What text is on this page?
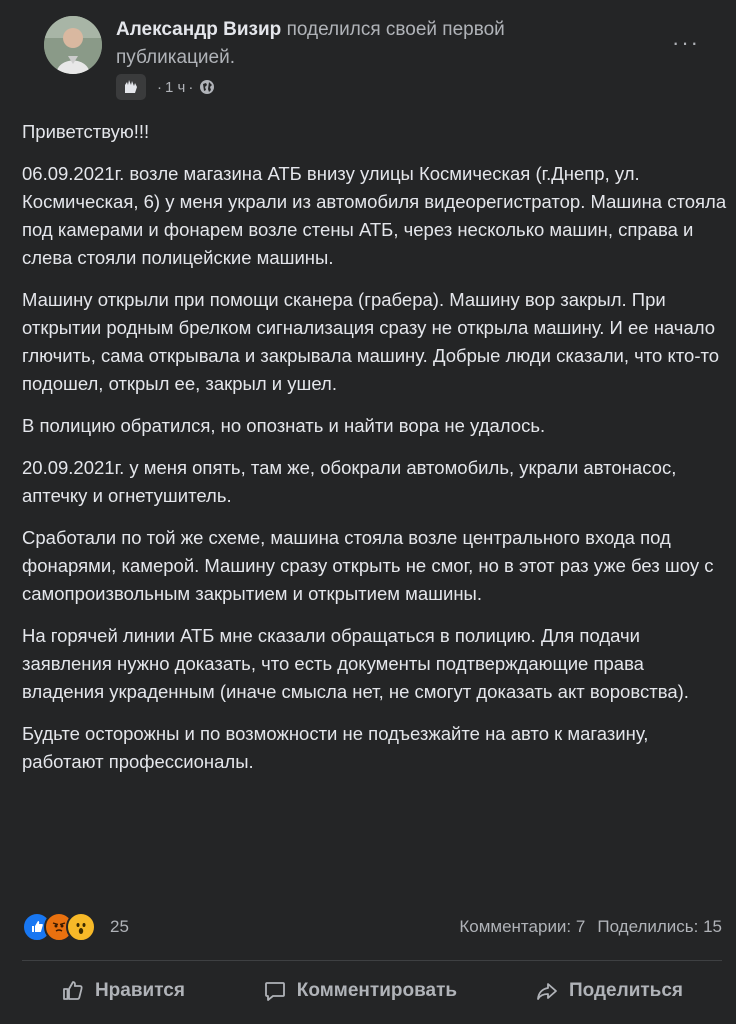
Александр Визир поделился своей первой публикацией.
· 1 ч ·
···

Приветствую!!!

06.09.2021г. возле магазина АТБ внизу улицы Космическая (г.Днепр, ул. Космическая, 6) у меня украли из автомобиля видеорегистратор. Машина стояла под камерами и фонарем возле стены АТБ, через несколько машин, справа и слева стояли полицейские машины.

Машину открыли при помощи сканера (грабера). Машину вор закрыл. При открытии родным брелком сигнализация сразу не открыла машину. И ее начало глючить, сама открывала и закрывала машину. Добрые люди сказали, что кто-то подошел, открыл ее, закрыл и ушел.

В полицию обратился, но опознать и найти вора не удалось.

20.09.2021г. у меня опять, там же, обокрали автомобиль, украли автонасос, аптечку и огнетушитель.

Сработали по той же схеме, машина стояла возле центрального входа под фонарями, камерой. Машину сразу открыть не смог, но в этот раз уже без шоу с самопроизвольным закрытием и открытием машины.

На горячей линии АТБ мне сказали обращаться в полицию. Для подачи заявления нужно доказать, что есть документы подтверждающие права владения украденным (иначе смысла нет, не смогут доказать акт воровства).

Будьте осторожны и по возможности не подъезжайте на авто к магазину, работают профессионалы.

25	Комментарии: 7 Поделились: 15
Нравится	Комментировать	Поделиться
